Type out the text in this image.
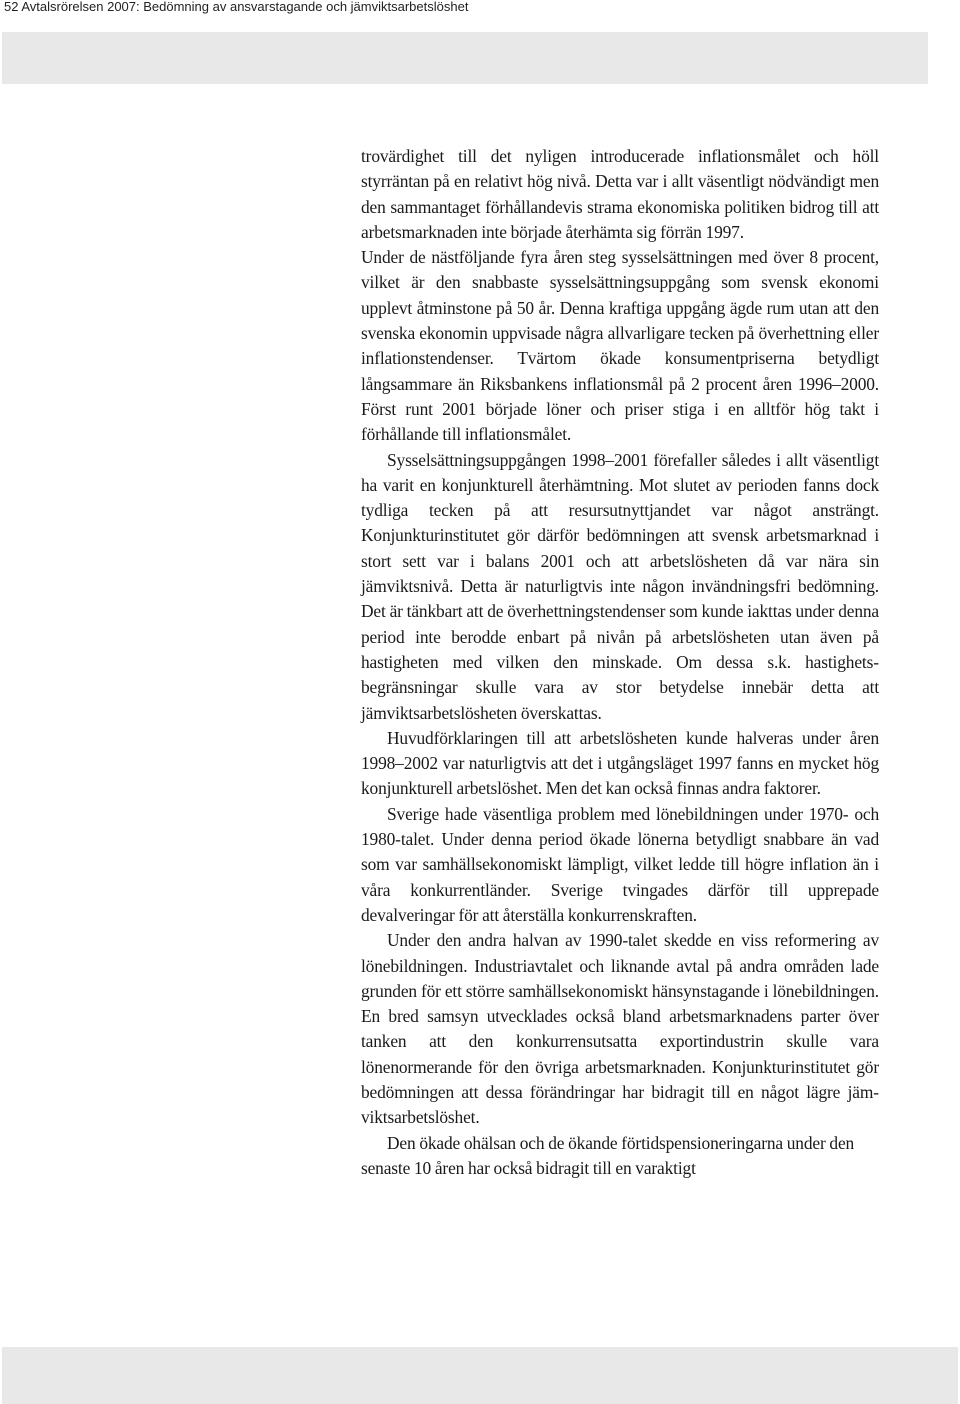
52 Avtalsrörelsen 2007: Bedömning av ansvarstagande och jämviktsarbetslöshet

trovärdighet till det nyligen introducerade inflationsmålet och höll styrräntan på en relativt hög nivå. Detta var i allt väsentligt nödvändigt men den sammantaget förhållandevis strama ekonomiska politiken bidrog till att arbetsmarknaden inte började återhämta sig förrän 1997.

Under de nästföljande fyra åren steg sysselsättningen med över 8 procent, vilket är den snabbaste sysselsättningsuppgång som svensk ekonomi upplevt åtminstone på 50 år. Denna kraftiga uppgång ägde rum utan att den svenska ekonomin uppvisade några allvarligare tecken på överhettning eller inflationstendenser. Tvärtom ökade konsumentpriserna betydligt långsammare än Riksbankens inflationsmål på 2 procent åren 1996–2000. Först runt 2001 började löner och priser stiga i en alltför hög takt i förhållande till inflationsmålet.

Sysselsättningsuppgången 1998–2001 förefaller således i allt väsentligt ha varit en konjunkturell återhämtning. Mot slutet av perioden fanns dock tydliga tecken på att resursutnyttjandet var något ansträngt. Konjunkturinstitutet gör därför bedömningen att svensk arbetsmarknad i stort sett var i balans 2001 och att arbetslösheten då var nära sin jämviktsnivå. Detta är naturligtvis inte någon invändningsfri bedömning. Det är tänkbart att de överhettningstendenser som kunde iakttas under denna period inte berodde enbart på nivån på arbetslösheten utan även på hastigheten med vilken den minskade. Om dessa s.k. hastighetsbegränsningar skulle vara av stor betydelse innebär detta att jämviktsarbetslösheten överskattas.

Huvudförklaringen till att arbetslösheten kunde halveras under åren 1998–2002 var naturligtvis att det i utgångsläget 1997 fanns en mycket hög konjunkturell arbetslöshet. Men det kan också finnas andra faktorer.

Sverige hade väsentliga problem med lönebildningen under 1970- och 1980-talet. Under denna period ökade lönerna betydligt snabbare än vad som var samhällsekonomiskt lämpligt, vilket ledde till högre inflation än i våra konkurrentländer. Sverige tvingades därför till upprepade devalveringar för att återställa konkurrenskraften.

Under den andra halvan av 1990-talet skedde en viss reformering av lönebildningen. Industriavtalet och liknande avtal på andra områden lade grunden för ett större samhällsekonomiskt hänsynstagande i lönebildningen. En bred samsyn utvecklades också bland arbetsmarknadens parter över tanken att den konkurrensutsatta exportindustrin skulle vara lönenormerande för den övriga arbetsmarknaden. Konjunkturinstitutet gör bedömningen att dessa förändringar har bidragit till en något lägre jämviktsarbetslöshet.

Den ökade ohälsan och de ökande förtidspensioneringarna under den senaste 10 åren har också bidragit till en varaktigt
